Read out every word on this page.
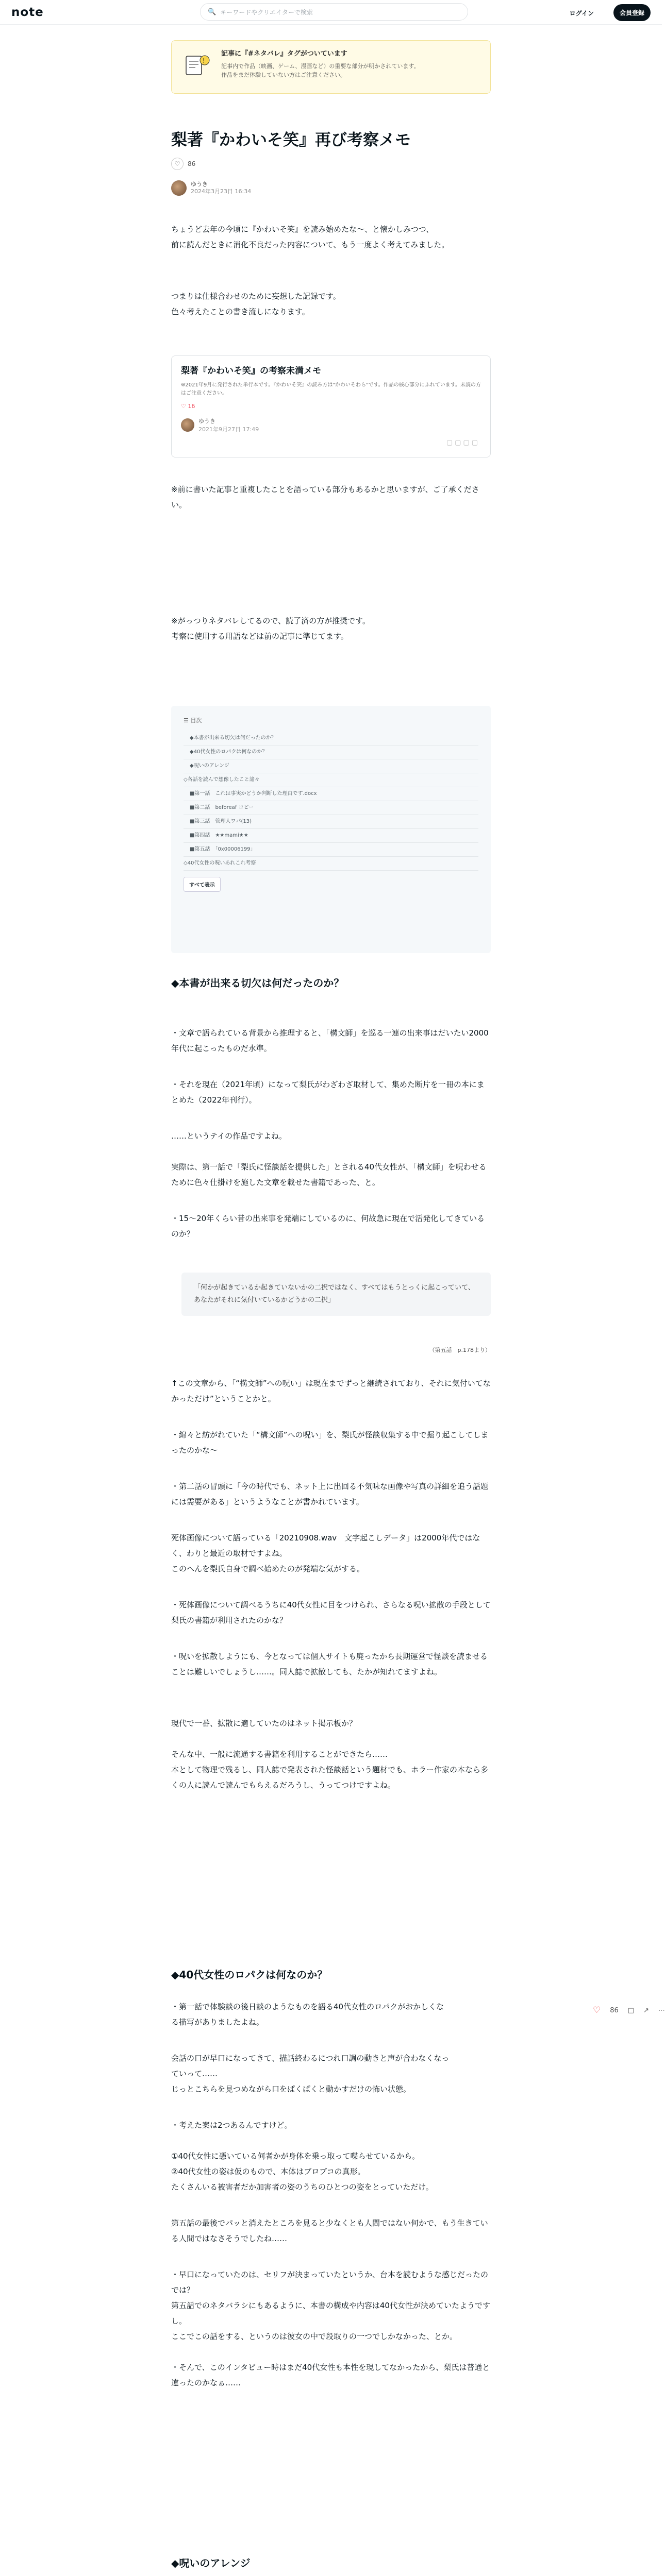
note	🔍 キーワードやクリエイターで検索	ログイン	会員登録
!
記事に『#ネタバレ』タグがついています
記事内で作品（映画、ゲーム、漫画など）の重要な部分が明かされています。
作品をまだ体験していない方はご注意ください。
梨著『かわいそ笑』再び考察メモ
♡	86
ゆうき
2024年3月23日 16:34
ちょうど去年の今頃に『かわいそ笑』を読み始めたな〜、と懐かしみつつ、
前に読んだときに消化不良だった内容について、もう一度よく考えてみました。
つまりは仕様合わせのために妄想した記録です。
色々考えたことの書き流しになります。
梨著『かわいそ笑』の考察未満メモ
※2021年9月に発行された単行本です。『かわいそ笑』の読み方は"かわいそわら"です。作品の核心部分にふれています。未読の方はご注意ください。
♡ 16
ゆうき
2021年9月27日 17:49
▢▢▢▢
※前に書いた記事と重複したことを語っている部分もあるかと思いますが、ご了承ください。
※がっつりネタバレしてるので、読了済の方が推奨です。
考察に使用する用語などは前の記事に準じてます。
☰ 目次
◆本書が出来る切欠は何だったのか？
◆40代女性のロパクは何なのか？
◆呪いのアレンジ
◇各話を読んで想像したこと諸々
■第一話　これは事実かどうか判断した理由です.docx
■第二話　beforeaf コピー
■第三話　管理人ワパ(13)
■第四話　★★mami★★
■第五話　「0x00006199」
◇40代女性の呪いあれこれ考察
すべて表示
◆本書が出来る切欠は何だったのか？
・文章で語られている背景から推理すると、「構文師」を巡る一連の出来事はだいたい2000年代に起こったものだ水準。
・それを現在（2021年頃）になって梨氏がわざわざ取材して、集めた断片を一冊の本にまとめた（2022年刊行）。
……というテイの作品ですよね。
実際は、第一話で「梨氏に怪談話を提供した」とされる40代女性が、「構文師」を呪わせるために色々仕掛けを施した文章を載せた書籍であった、と。
・15〜20年くらい昔の出来事を発端にしているのに、何故急に現在で活発化してきているのか？
「何かが起きているか起きていないかの二択ではなく、すべてはもうとっくに起こっていて、あなたがそれに気付いているかどうかの二択」
（第五話　p.178より）
↑この文章から、「“構文師”への呪い」は現在までずっと継続されており、それに気付いてなかっただけ”ということかと。
・綿々と紡がれていた「“構文師”への呪い」を、梨氏が怪談収集する中で掘り起こしてしまったのかな〜
・第二話の冒頭に「今の時代でも、ネット上に出回る不気味な画像や写真の詳細を追う話題には需要がある」というようなことが書かれています。
死体画像について語っている「20210908.wav　文字起こしデータ」は2000年代ではなく、わりと最近の取材ですよね。
このへんを梨氏自身で調べ始めたのが発端な気がする。
・死体画像について調べるうちに40代女性に目をつけられ、さらなる呪い拡散の手段として梨氏の書籍が利用されたのかな？
・呪いを拡散しようにも、今となっては個人サイトも廃ったから長期運営で怪談を読ませることは難しいでしょうし……。同人誌で拡散しても、たかが知れてますよね。
現代で一番、拡散に適していたのはネット掲示板か？
そんな中、一般に流通する書籍を利用することができたら……
本として物理で残るし、同人誌で発表された怪談話という題材でも、ホラー作家の本なら多くの人に読んで読んでもらえるだろうし、うってつけですよね。
◆40代女性のロパクは何なのか？
・第一話で体験談の後日談のようなものを語る40代女性のロパクがおかしくなる描写がありましたよね。
会話の口が早口になってきて、描話終わるにつれ口調の動きと声が合わなくなっていって……
じっとこちらを見つめながら口をぱくぱくと動かすだけの怖い状態。
・考えた案は2つあるんですけど。
①40代女性に憑いている何者かが身体を乗っ取って喋らせているから。
②40代女性の姿は仮のもので、本体はブロブコの真形。
たくさんいる被害者だか加害者の姿のうちのひとつの姿をとっていただけ。
第五話の最後でパッと消えたところを見ると少なくとも人間ではない何かで、もう生きている人間ではなさそうでしたね……
・早口になっていたのは、セリフが決まっていたというか、台本を読むような感じだったのでは？
第五話でのネタバラシにもあるように、本書の構成や内容は40代女性が決めていたようですし。
ここでこの話をする、というのは彼女の中で段取りの一つでしかなかった、とか。
・そんで、このインタビュー時はまだ40代女性も本性を現してなかったから、梨氏は普通と違ったのかなぁ……
◆呪いのアレンジ
♡ 86 □ ↗ ⋯
